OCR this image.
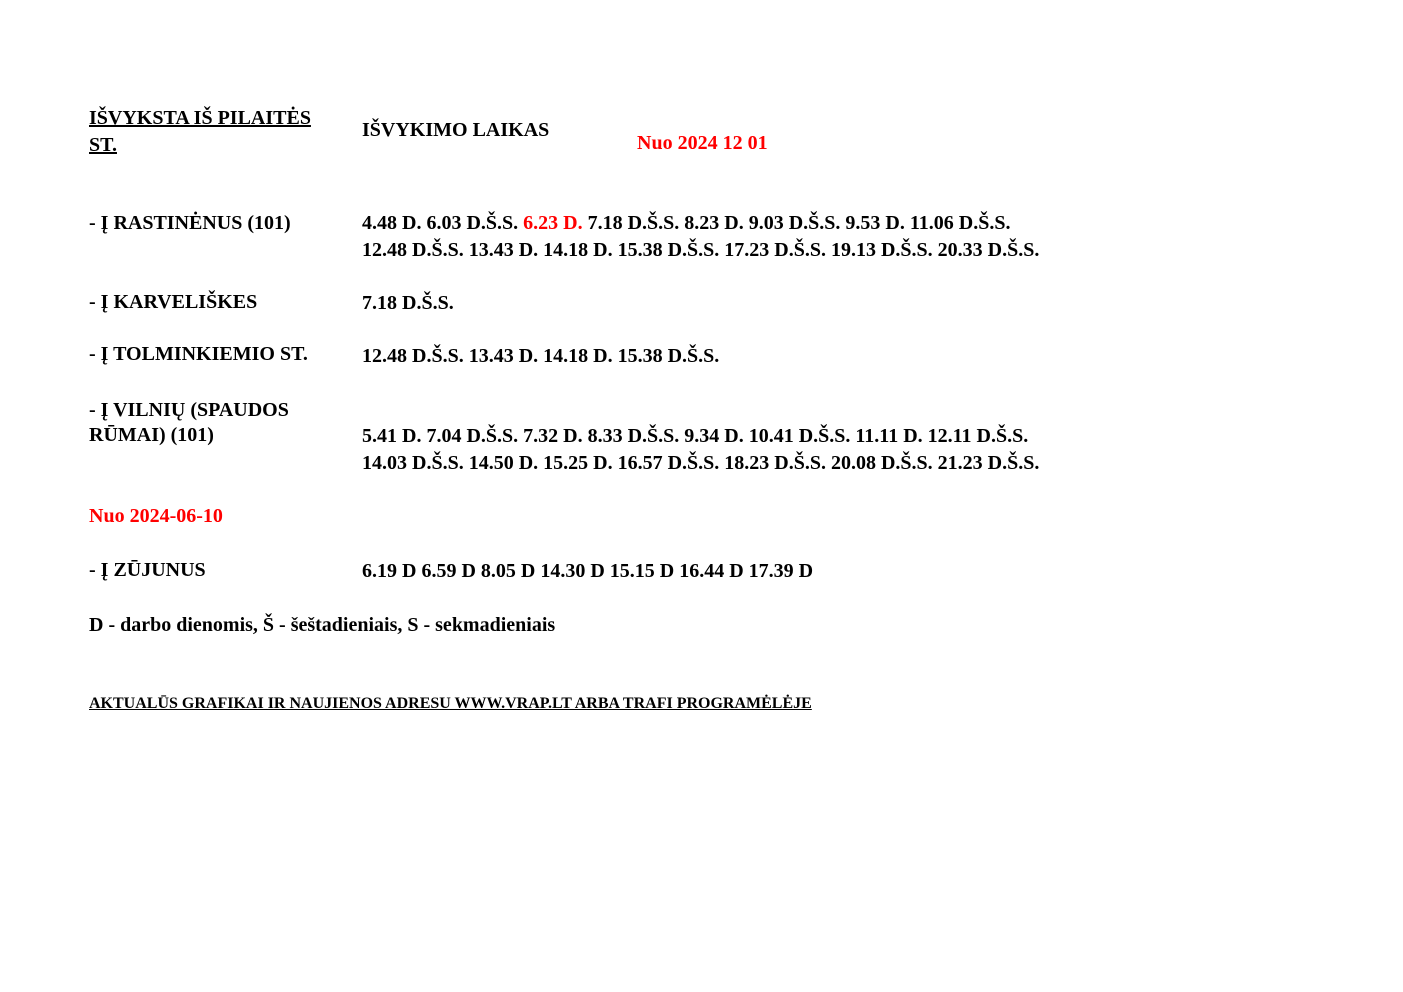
IŠVYKSTA IŠ PILAITĖS ST.
IŠVYKIMO LAIKAS
Nuo 2024 12 01
- Į RASTINĖNUS (101)	4.48 D. 6.03 D.Š.S. 6.23 D. 7.18 D.Š.S. 8.23 D. 9.03 D.Š.S. 9.53 D. 11.06 D.Š.S.
12.48 D.Š.S. 13.43 D. 14.18 D. 15.38 D.Š.S. 17.23 D.Š.S. 19.13 D.Š.S. 20.33 D.Š.S.
- Į KARVELIŠKES	7.18 D.Š.S.
- Į TOLMINKIEMIO ST.	12.48 D.Š.S. 13.43 D. 14.18 D. 15.38 D.Š.S.
- Į VILNIŲ (SPAUDOS
RŪMAI) (101)	5.41 D. 7.04 D.Š.S. 7.32 D. 8.33 D.Š.S. 9.34 D. 10.41 D.Š.S. 11.11 D. 12.11 D.Š.S.
14.03 D.Š.S. 14.50 D. 15.25 D. 16.57 D.Š.S. 18.23 D.Š.S. 20.08 D.Š.S. 21.23 D.Š.S.
Nuo 2024-06-10
- Į ZŪJUNUS	6.19 D 6.59 D 8.05 D 14.30 D 15.15 D 16.44 D 17.39 D
D - darbo dienomis, Š - šeštadieniais, S - sekmadieniais
AKTUALŪS GRAFIKAI IR NAUJIENOS ADRESU WWW.VRAP.LT ARBA TRAFI PROGRAMĖLĖJE
